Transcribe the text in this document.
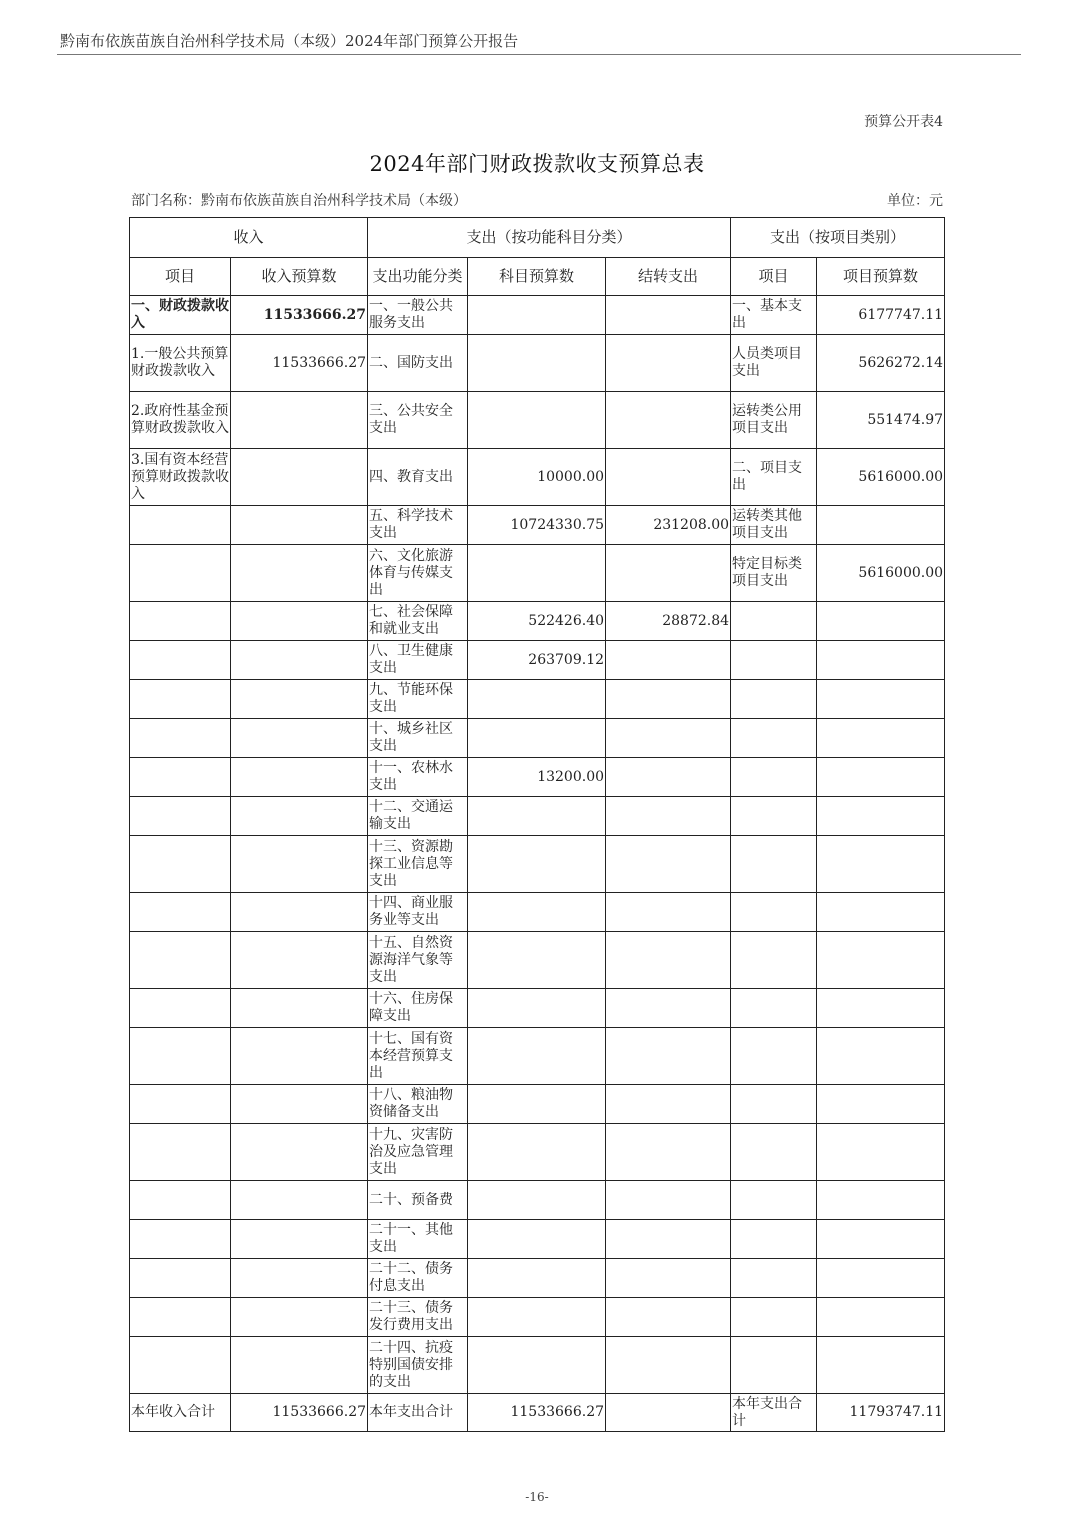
黔南布依族苗族自治州科学技术局（本级）2024年部门预算公开报告
预算公开表4
2024年部门财政拨款收支预算总表
部门名称：黔南布依族苗族自治州科学技术局（本级）	单位：元
收入		支出（按功能科目分类）			支出（按项目类别）	
项目	收入预算数	支出功能分类	科目预算数	结转支出	项目	项目预算数
一、财政拨款收入	11533666.27	一、一般公共服务支出			一、基本支出	6177747.11
1.一般公共预算财政拨款收入	11533666.27	二、国防支出			人员类项目支出	5626272.14
2.政府性基金预算财政拨款收入		三、公共安全支出			运转类公用项目支出	551474.97
3.国有资本经营预算财政拨款收入		四、教育支出	10000.00		二、项目支出	5616000.00
		五、科学技术支出	10724330.75	231208.00	运转类其他项目支出	
		六、文化旅游体育与传媒支出			特定目标类项目支出	5616000.00
		七、社会保障和就业支出	522426.40	28872.84		
		八、卫生健康支出	263709.12			
		九、节能环保支出				
		十、城乡社区支出				
		十一、农林水支出	13200.00			
		十二、交通运输支出				
		十三、资源勘探工业信息等支出				
		十四、商业服务业等支出				
		十五、自然资源海洋气象等支出				
		十六、住房保障支出				
		十七、国有资本经营预算支出				
		十八、粮油物资储备支出				
		十九、灾害防治及应急管理支出				
		二十、预备费				
		二十一、其他支出				
		二十二、债务付息支出				
		二十三、债务发行费用支出				
		二十四、抗疫特别国债安排的支出				
本年收入合计	11533666.27	本年支出合计	11533666.27		本年支出合计	11793747.11
-16-
